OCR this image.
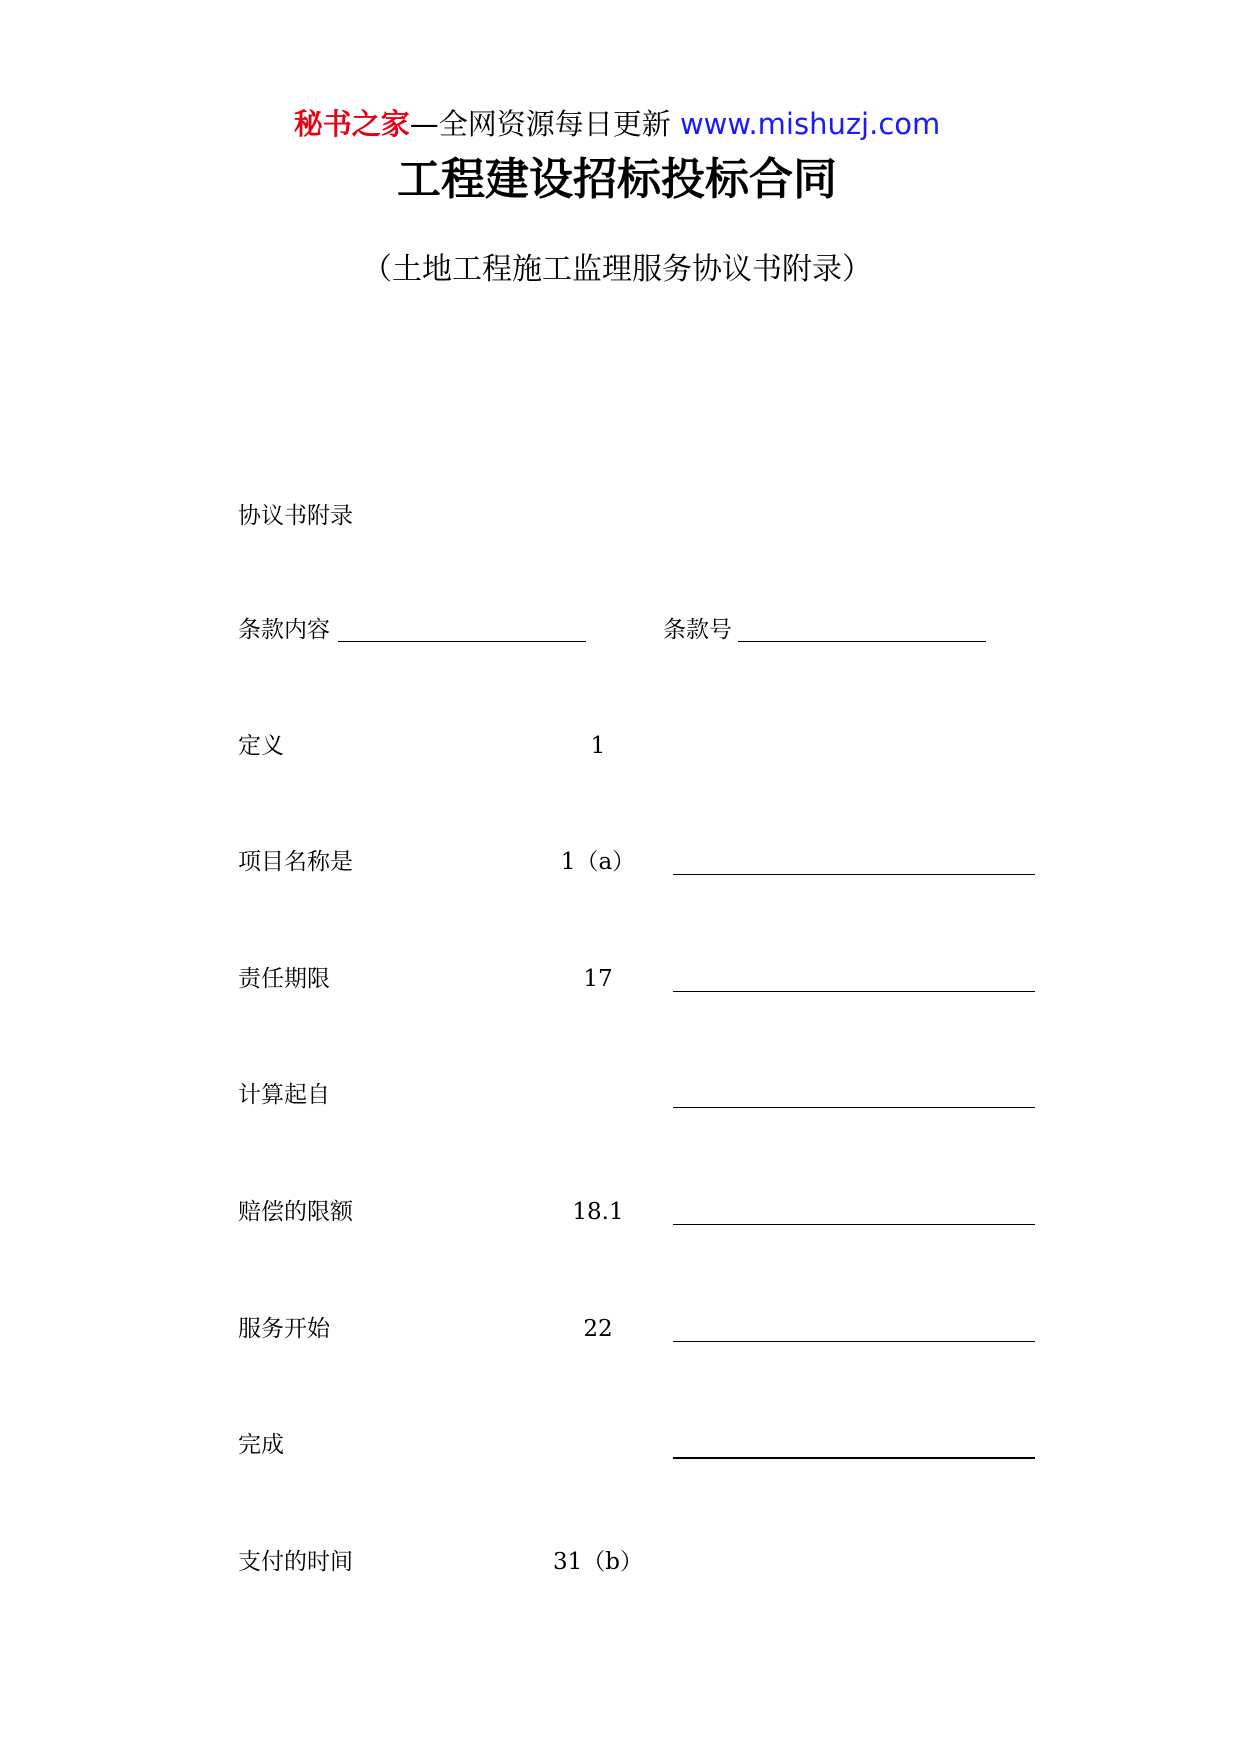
秘书之家—全网资源每日更新 www.mishuzj.com
工程建设招标投标合同
（土地工程施工监理服务协议书附录）
协议书附录
条款内容	条款号
定义	1
项目名称是	1（a）
责任期限	17
计算起自
赔偿的限额	18.1
服务开始	22
完成
支付的时间	31（b）
